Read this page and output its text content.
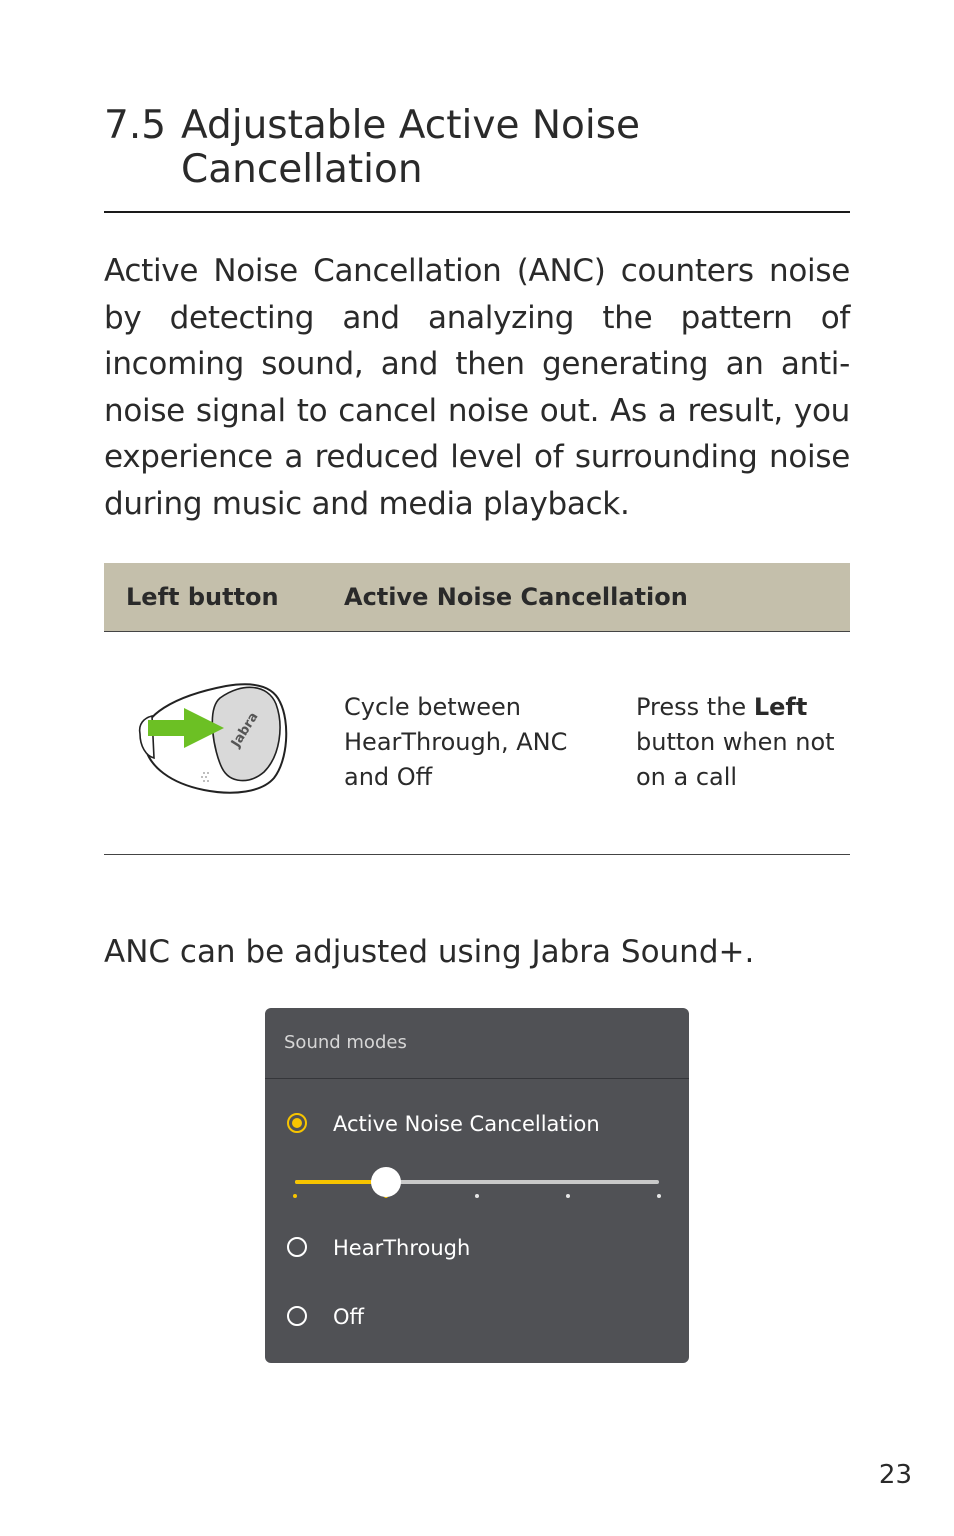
7.5 Adjustable Active Noise Cancellation

Active Noise Cancellation (ANC) counters noise by detecting and analyzing the pattern of incoming sound, and then generating an anti-noise signal to cancel noise out. As a result, you experience a reduced level of surrounding noise during music and media playback.

Left button	Active Noise Cancellation
Jabra
Cycle between HearThrough, ANC and Off
Press the Left button when not on a call
ANC can be adjusted using Jabra Sound+.
Sound modes
Active Noise Cancellation
HearThrough
Off
23
